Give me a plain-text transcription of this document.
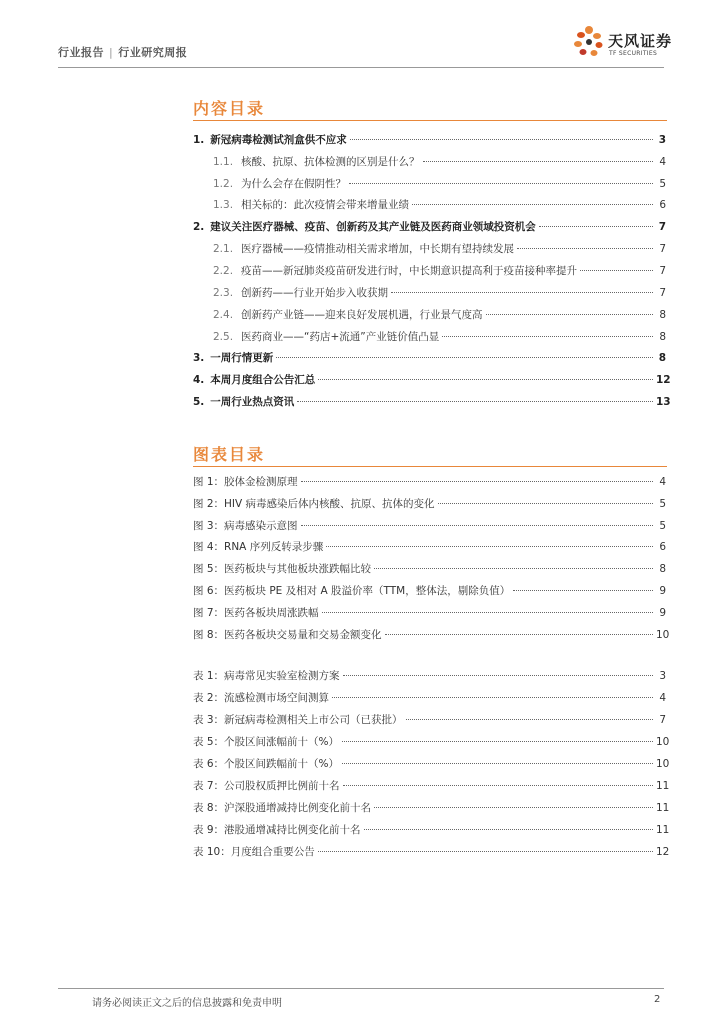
行业报告 | 行业研究周报
天风证券
TF SECURITIES
内容目录
1. 新冠病毒检测试剂盒供不应求	3
1.1. 核酸、抗原、抗体检测的区别是什么？	4
1.2. 为什么会存在假阴性？	5
1.3. 相关标的：此次疫情会带来增量业绩	6
2. 建议关注医疗器械、疫苗、创新药及其产业链及医药商业领域投资机会	7
2.1. 医疗器械——疫情推动相关需求增加，中长期有望持续发展	7
2.2. 疫苗——新冠肺炎疫苗研发进行时，中长期意识提高利于疫苗接种率提升	7
2.3. 创新药——行业开始步入收获期	7
2.4. 创新药产业链——迎来良好发展机遇，行业景气度高	8
2.5. 医药商业——“药店+流通”产业链价值凸显	8
3. 一周行情更新	8
4. 本周月度组合公告汇总	12
5. 一周行业热点资讯	13
图表目录
图 1：胶体金检测原理	4
图 2：HIV 病毒感染后体内核酸、抗原、抗体的变化	5
图 3：病毒感染示意图	5
图 4：RNA 序列反转录步骤	6
图 5：医药板块与其他板块涨跌幅比较	8
图 6：医药板块 PE 及相对 A 股溢价率（TTM，整体法，剔除负值）	9
图 7：医药各板块周涨跌幅	9
图 8：医药各板块交易量和交易金额变化	10
表 1：病毒常见实验室检测方案	3
表 2：流感检测市场空间测算	4
表 3：新冠病毒检测相关上市公司（已获批）	7
表 5：个股区间涨幅前十（%）	10
表 6：个股区间跌幅前十（%）	10
表 7：公司股权质押比例前十名	11
表 8：沪深股通增减持比例变化前十名	11
表 9：港股通增减持比例变化前十名	11
表 10：月度组合重要公告	12
请务必阅读正文之后的信息披露和免责申明	2
